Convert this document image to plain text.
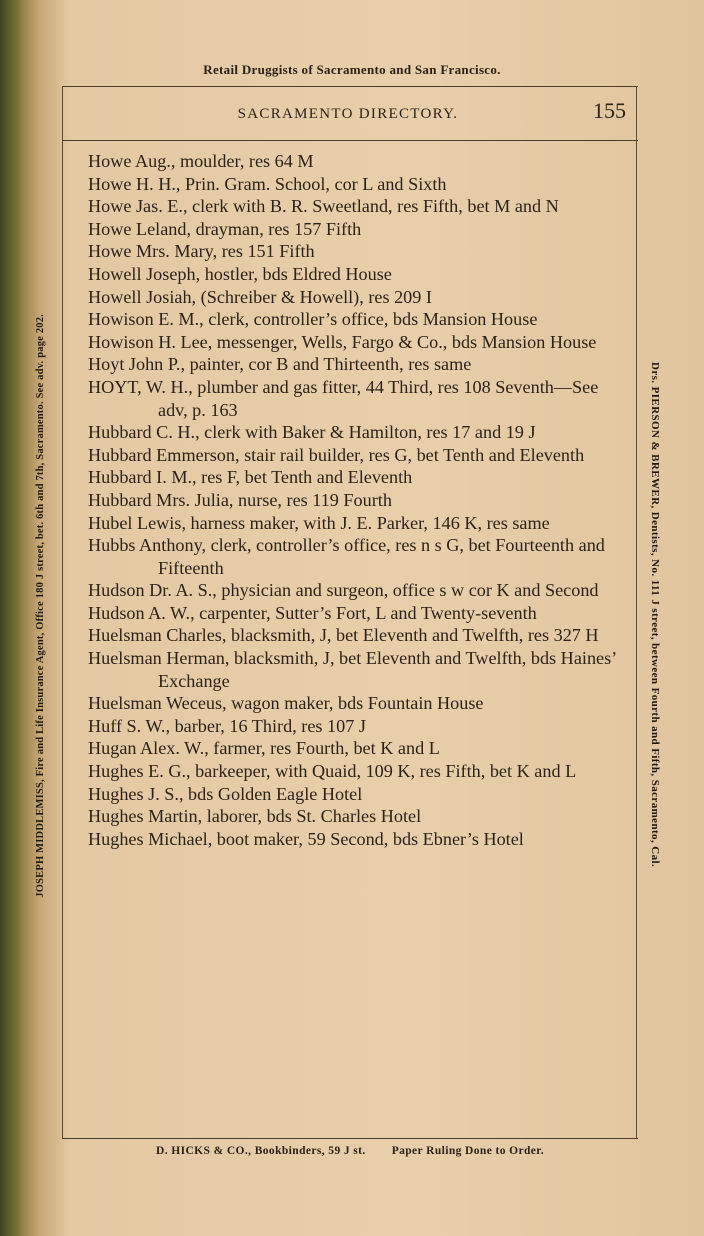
Retail Druggists of Sacramento and San Francisco.
SACRAMENTO DIRECTORY.	155
JOSEPH MIDDLEMISS, Fire and Life Insurance Agent, Office 180 J street, bet. 6th and 7th, Sacramento. See adv. page 202.
Howe Aug., moulder, res 64 M
Howe H. H., Prin. Gram. School, cor L and Sixth
Howe Jas. E., clerk with B. R. Sweetland, res Fifth, bet M and N
Howe Leland, drayman, res 157 Fifth
Howe Mrs. Mary, res 151 Fifth
Howell Joseph, hostler, bds Eldred House
Howell Josiah, (Schreiber & Howell), res 209 I
Howison E. M., clerk, controller’s office, bds Mansion House
Howison H. Lee, messenger, Wells, Fargo & Co., bds Mansion House
Hoyt John P., painter, cor B and Thirteenth, res same
HOYT, W. H., plumber and gas fitter, 44 Third, res 108 Seventh—See adv, p. 163
Hubbard C. H., clerk with Baker & Hamilton, res 17 and 19 J
Hubbard Emmerson, stair rail builder, res G, bet Tenth and Eleventh
Hubbard I. M., res F, bet Tenth and Eleventh
Hubbard Mrs. Julia, nurse, res 119 Fourth
Hubel Lewis, harness maker, with J. E. Parker, 146 K, res same
Hubbs Anthony, clerk, controller’s office, res n s G, bet Fourteenth and Fifteenth
Hudson Dr. A. S., physician and surgeon, office s w cor K and Second
Hudson A. W., carpenter, Sutter’s Fort, L and Twenty-seventh
Huelsman Charles, blacksmith, J, bet Eleventh and Twelfth, res 327 H
Huelsman Herman, blacksmith, J, bet Eleventh and Twelfth, bds Haines’ Exchange
Huelsman Weceus, wagon maker, bds Fountain House
Huff S. W., barber, 16 Third, res 107 J
Hugan Alex. W., farmer, res Fourth, bet K and L
Hughes E. G., barkeeper, with Quaid, 109 K, res Fifth, bet K and L
Hughes J. S., bds Golden Eagle Hotel
Hughes Martin, laborer, bds St. Charles Hotel
Hughes Michael, boot maker, 59 Second, bds Ebner’s Hotel	Drs. PIERSON & BREWER, Dentists, No. 111 J street, between Fourth and Fifth, Sacramento, Cal.
D. HICKS & CO., Bookbinders, 59 J st. Paper Ruling Done to Order.
